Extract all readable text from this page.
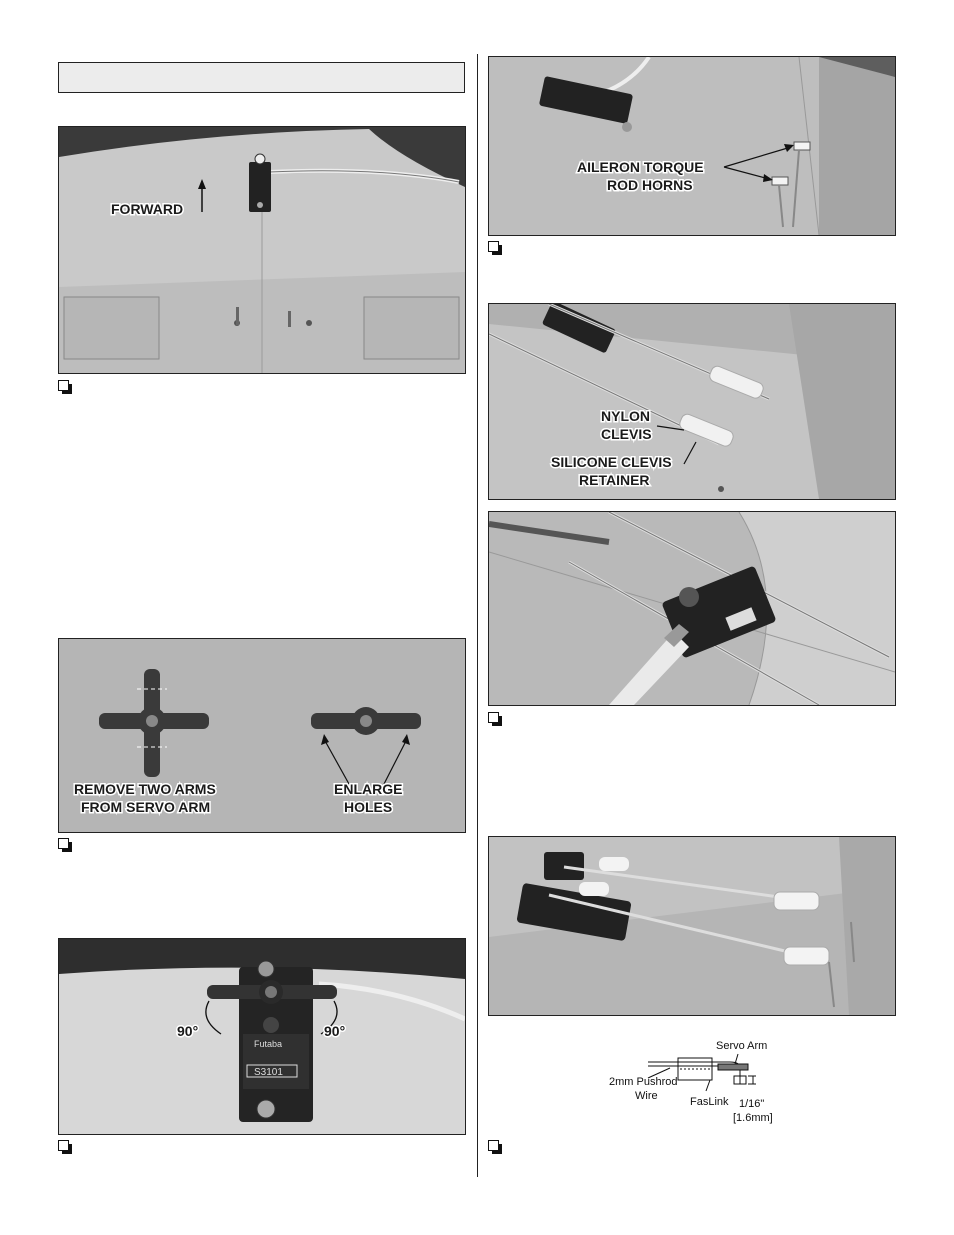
FORWARD
REMOVE TWO ARMS
FROM SERVO ARM
ENLARGE
HOLES
Futaba
S3101
90°	90°
AILERON TORQUE
ROD HORNS
NYLON
CLEVIS
SILICONE CLEVIS
RETAINER
Servo Arm
2mm Pushrod
Wire	FasLink 1/16"
[1.6mm]
